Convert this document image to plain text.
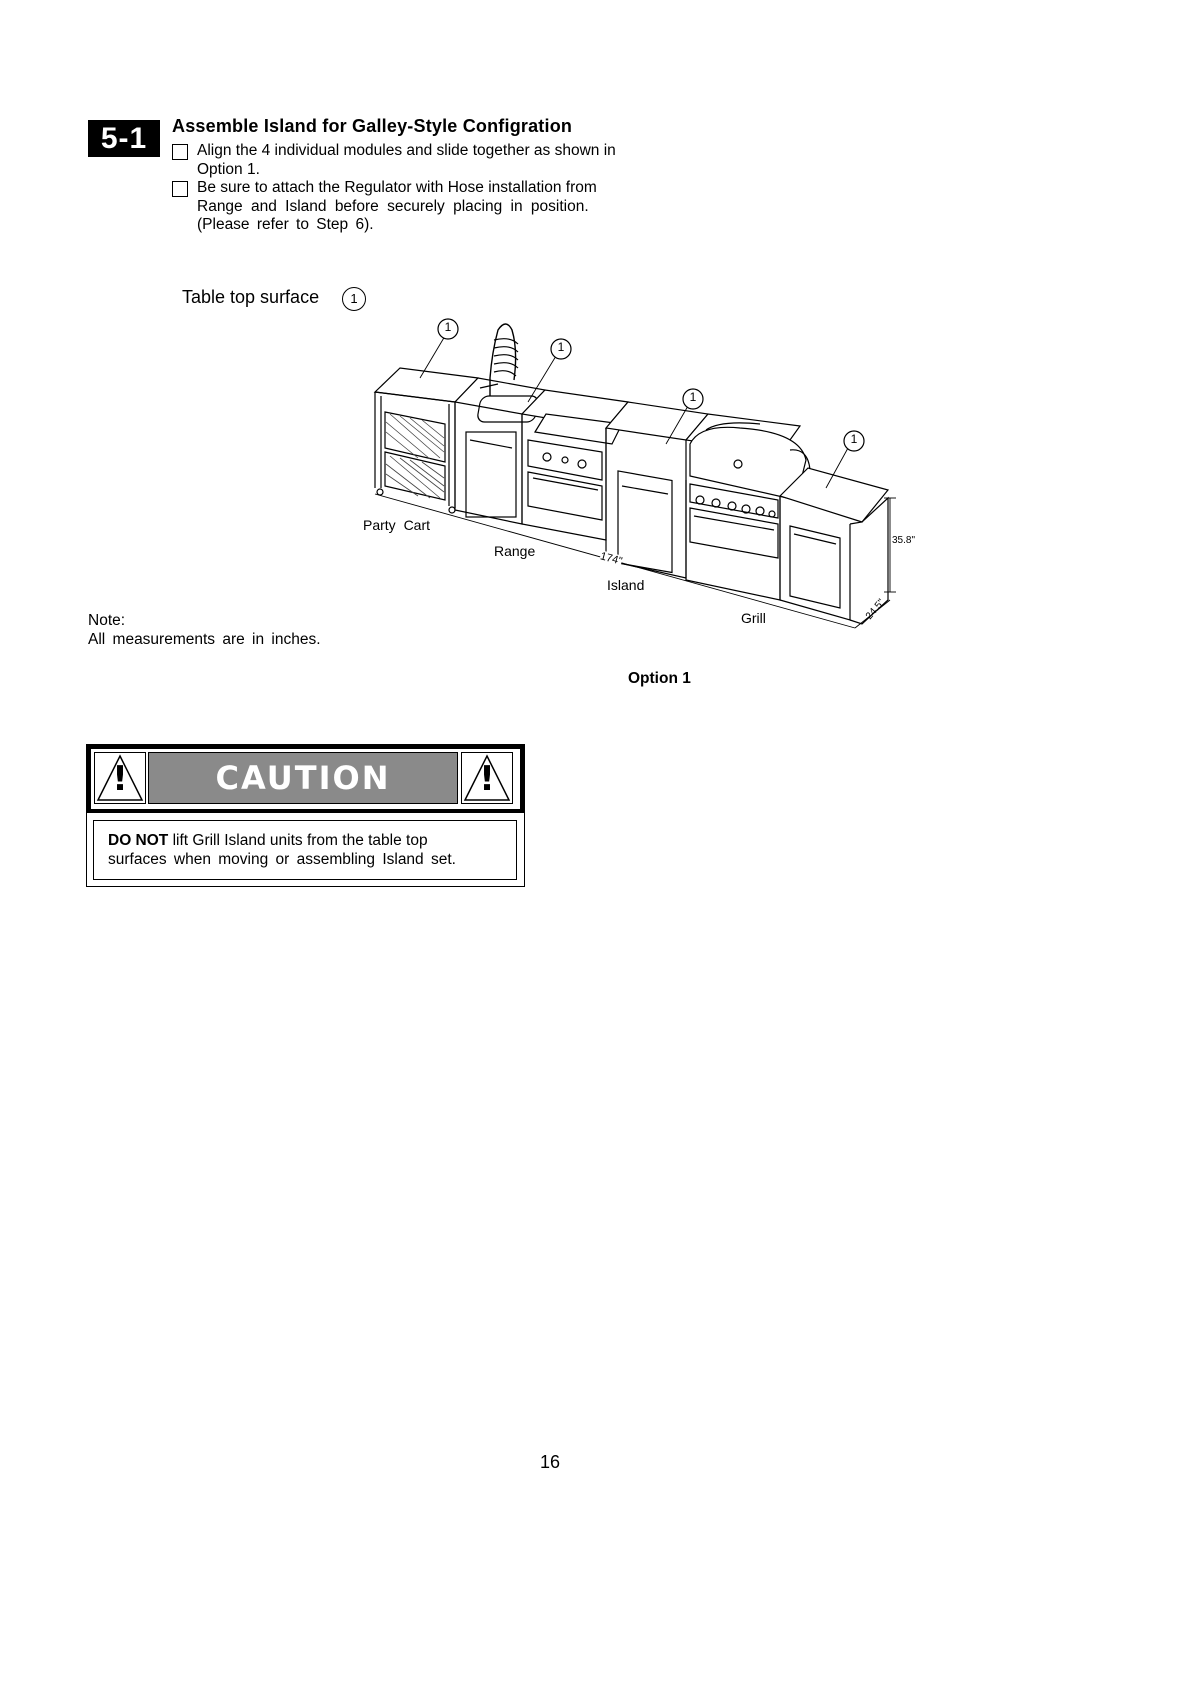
5-1	Assemble Island for Galley-Style Configration
Align the 4 individual modules and slide together as shown in
Option 1.
Be sure to attach the Regulator with Hose installation from
Range and Island before securely placing in position.
(Please refer to Step 6).
Table top surface	1
1
1
1
1
Party Cart
Range
Island
Grill
174"
35.8"
24.5"
Note:
All measurements are in inches.
Option 1
!	CAUTION	!
DO NOT lift Grill Island units from the table top
surfaces when moving or assembling Island set.
16
